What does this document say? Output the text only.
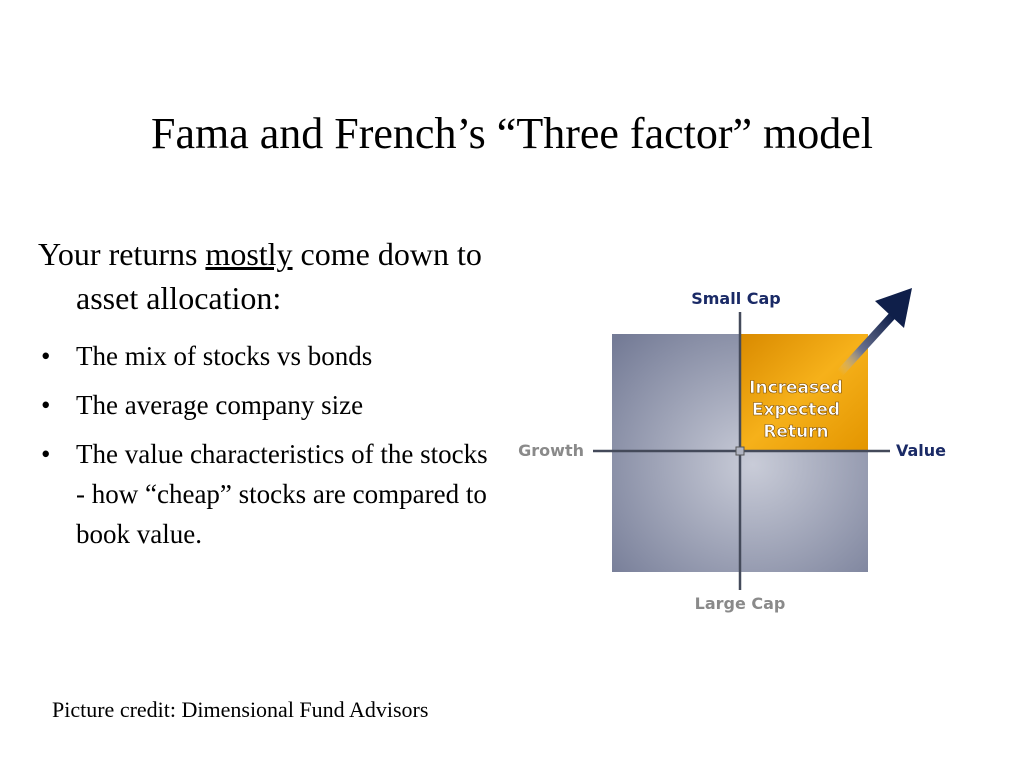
Fama and French’s “Three factor” model
Your returns mostly come down to asset allocation:
• The mix of stocks vs bonds
• The average company size
• The value characteristics of the stocks - how “cheap” stocks are compared to book value.
Small Cap
Large Cap
Growth	Value
Increased
Expected
Return
Picture credit: Dimensional Fund Advisors
